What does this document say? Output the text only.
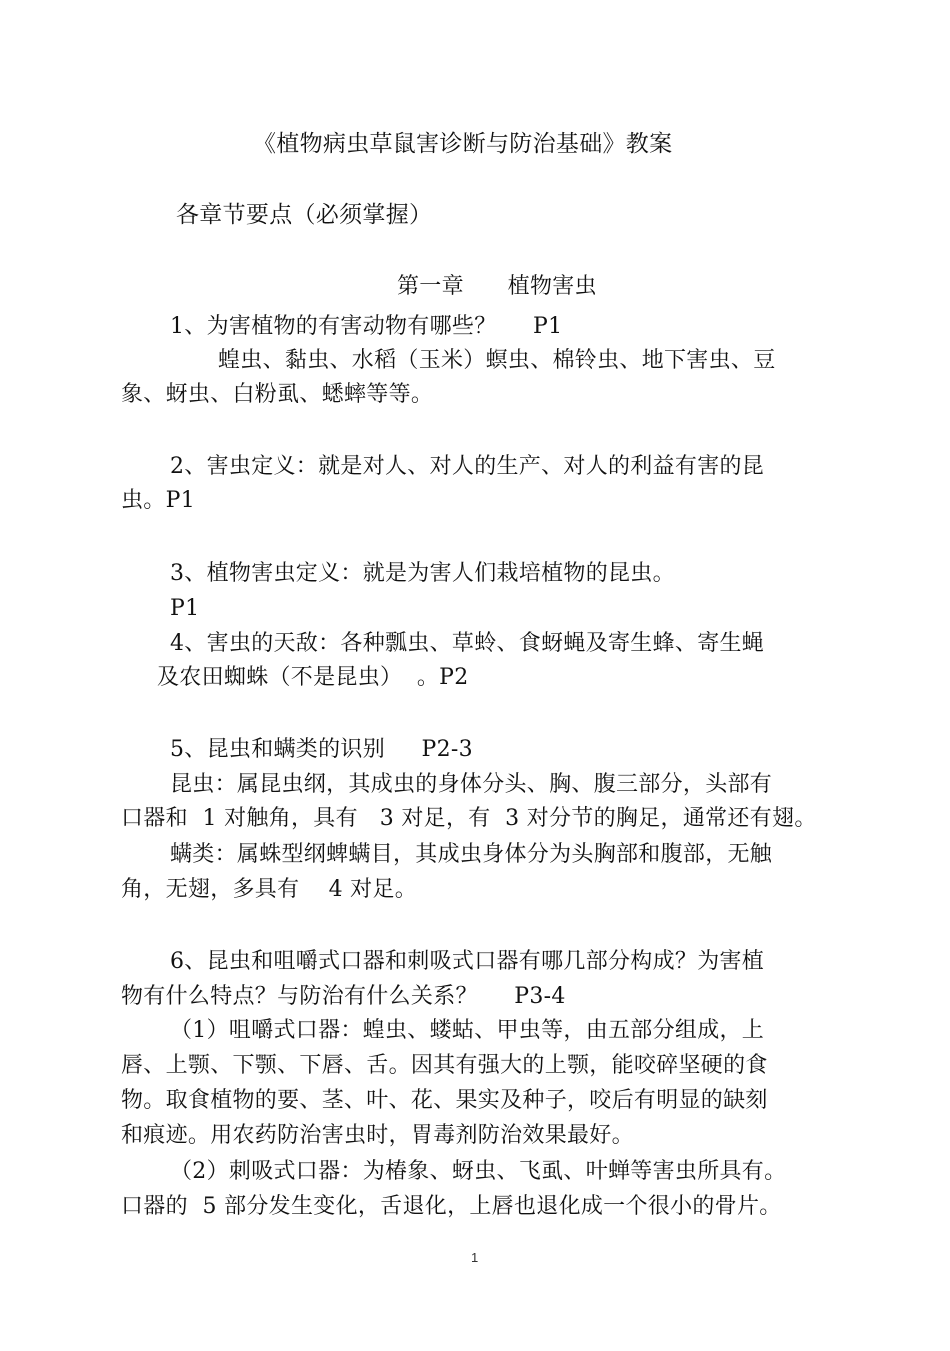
《植物病虫草鼠害诊断与防治基础》教案
各章节要点（必须掌握）
第一章      植物害虫
1、为害植物的有害动物有哪些？     P1
蝗虫、黏虫、水稻（玉米）螟虫、棉铃虫、地下害虫、豆
象、蚜虫、白粉虱、蟋蟀等等。
2、害虫定义：就是对人、对人的生产、对人的利益有害的昆
虫。P1
3、植物害虫定义：就是为害人们栽培植物的昆虫。
P1
4、害虫的天敌：各种瓢虫、草蛉、食蚜蝇及寄生蜂、寄生蝇
及农田蜘蛛（不是昆虫）  。P2
5、昆虫和螨类的识别     P2-3
昆虫：属昆虫纲，其成虫的身体分头、胸、腹三部分，头部有
口器和  1 对触角，具有   3 对足，有  3 对分节的胸足，通常还有翅。
螨类：属蛛型纲蜱螨目，其成虫身体分为头胸部和腹部，无触
角，无翅，多具有    4 对足。
6、昆虫和咀嚼式口器和刺吸式口器有哪几部分构成？为害植
物有什么特点？与防治有什么关系？     P3-4
（1）咀嚼式口器：蝗虫、蝼蛄、甲虫等，由五部分组成，上
唇、上颚、下颚、下唇、舌。因其有强大的上颚，能咬碎坚硬的食
物。取食植物的要、茎、叶、花、果实及种子，咬后有明显的缺刻
和痕迹。用农药防治害虫时，胃毒剂防治效果最好。
（2）刺吸式口器：为椿象、蚜虫、飞虱、叶蝉等害虫所具有。
口器的  5 部分发生变化，舌退化，上唇也退化成一个很小的骨片。
1
